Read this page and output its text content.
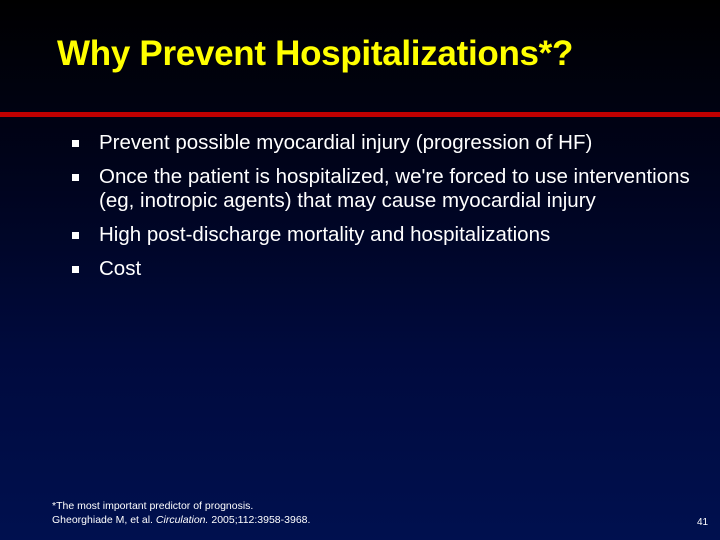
Why Prevent Hospitalizations*?
Prevent possible myocardial injury (progression of HF)
Once the patient is hospitalized, we're forced to use interventions (eg, inotropic agents) that may cause myocardial injury
High post-discharge mortality and hospitalizations
Cost
*The most important predictor of prognosis.
Gheorghiade M, et al. Circulation. 2005;112:3958-3968.	41
